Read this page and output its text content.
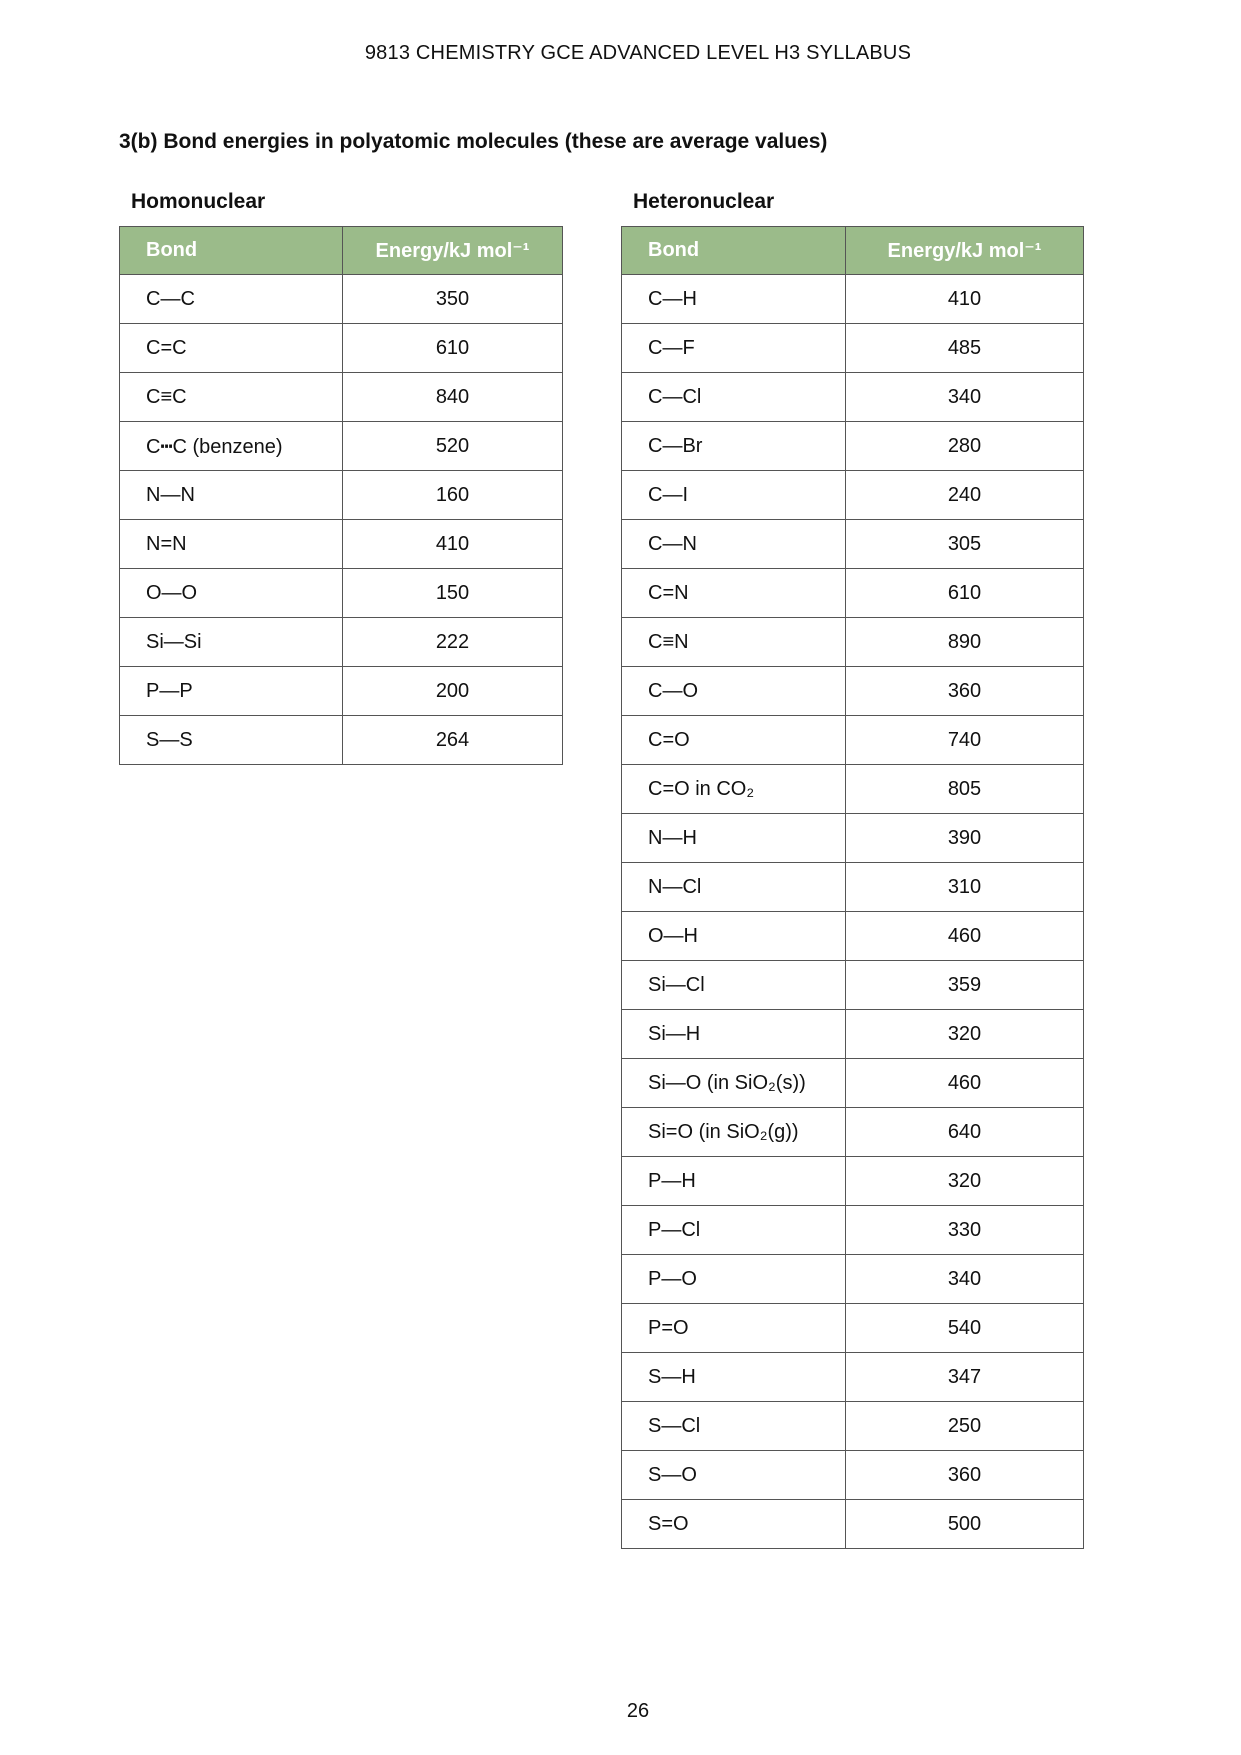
9813 CHEMISTRY GCE ADVANCED LEVEL H3 SYLLABUS
3(b) Bond energies in polyatomic molecules (these are average values)
Homonuclear	Heteronuclear
Bond	Energy/kJ mol⁻¹
C—C	350
C=C	610
C≡C	840
C┅C (benzene)	520
N—N	160
N=N	410
O—O	150
Si—Si	222
P—P	200
S—S	264
Bond	Energy/kJ mol⁻¹
C—H	410
C—F	485
C—Cl	340
C—Br	280
C—I	240
C—N	305
C=N	610
C≡N	890
C—O	360
C=O	740
C=O in CO₂	805
N—H	390
N—Cl	310
O—H	460
Si—Cl	359
Si—H	320
Si—O (in SiO₂(s))	460
Si=O (in SiO₂(g))	640
P—H	320
P—Cl	330
P—O	340
P=O	540
S—H	347
S—Cl	250
S—O	360
S=O	500
26
